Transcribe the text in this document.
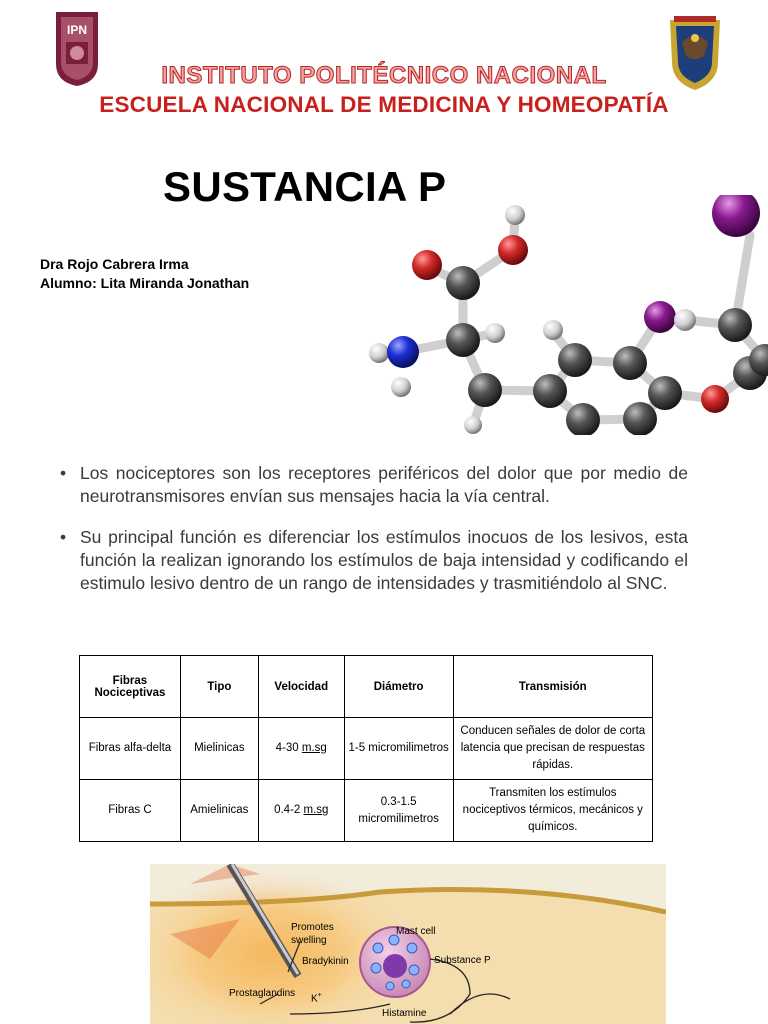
IPN
INSTITUTO POLITÉCNICO NACIONAL
ESCUELA NACIONAL DE MEDICINA Y HOMEOPATÍA
SUSTANCIA P
Dra Rojo Cabrera Irma
Alumno: Lita Miranda Jonathan
• Los nociceptores son los receptores periféricos del dolor que por medio de neurotransmisores envían sus mensajes hacia la vía central.
• Su principal función es diferenciar los estímulos inocuos de los lesivos, esta función la realizan ignorando los estímulos de baja intensidad y codificando el estimulo lesivo dentro de un rango de intensidades y trasmitiéndolo al SNC.
Fibras Nociceptivas	Tipo	Velocidad	Diámetro	Transmisión
Fibras alfa-delta	Mielinicas	4-30 m.sg	1-5 micromilimetros	Conducen señales de dolor de corta latencia que precisan de respuestas rápidas.
Fibras C	Amielinicas	0.4-2 m.sg	0.3-1.5 micromilimetros	Transmiten los estímulos nociceptivos térmicos, mecánicos y químicos.
Promotes
swelling
Mast cell
Substance P
Bradykinin
Prostaglandins K+
Histamine
